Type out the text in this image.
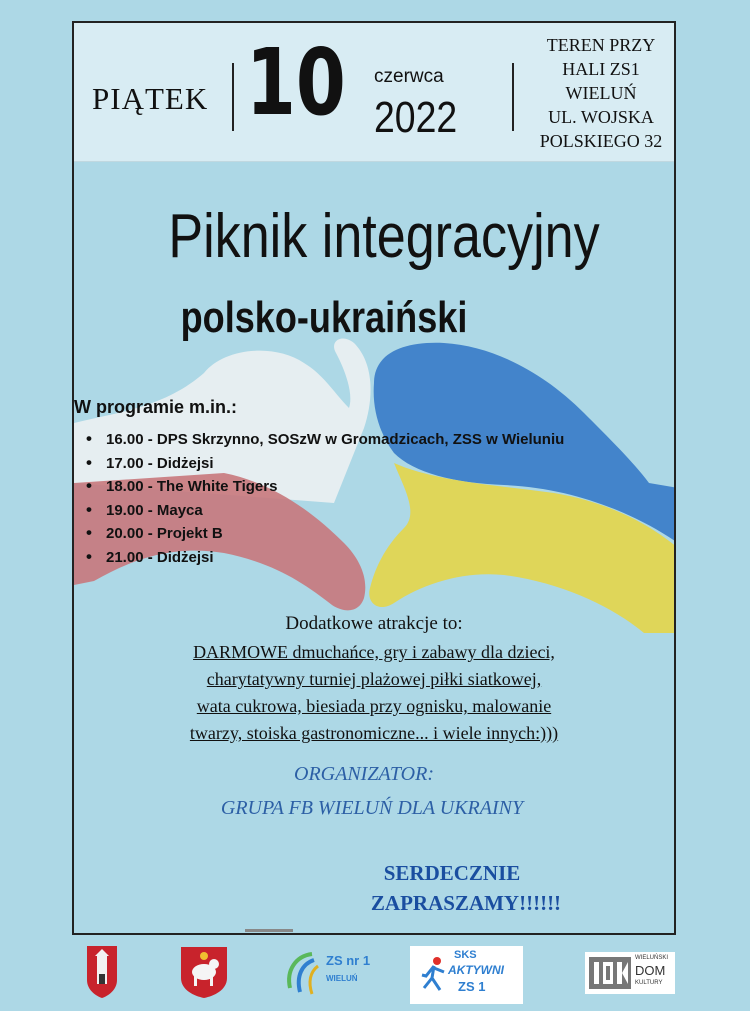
PIĄTEK 10 czerwca
2022
TEREN PRZY
HALI ZS1
WIELUŃ
UL. WOJSKA
POLSKIEGO 32
Piknik integracyjny
polsko-ukraiński
W programie m.in.:
• 16.00 - DPS Skrzynno, SOSzW w Gromadzicach, ZSS w Wieluniu
• 17.00 - Didżejsi
• 18.00 - The White Tigers
• 19.00 - Mayca
• 20.00 - Projekt B
• 21.00 - Didżejsi
Dodatkowe atrakcje to:
DARMOWE dmuchańce, gry i zabawy dla dzieci,
charytatywny turniej plażowej piłki siatkowej,
wata cukrowa, biesiada przy ognisku, malowanie
twarzy, stoiska gastronomiczne... i wiele innych:)))
ORGANIZATOR:
GRUPA FB WIELUŃ DLA UKRAINY
SERDECZNIE
ZAPRASZAMY!!!!!!
ZS nr 1
WIELUŃ
SKS
AKTYWNI
ZS 1
WIELUŃSKI
DOM
KULTURY
